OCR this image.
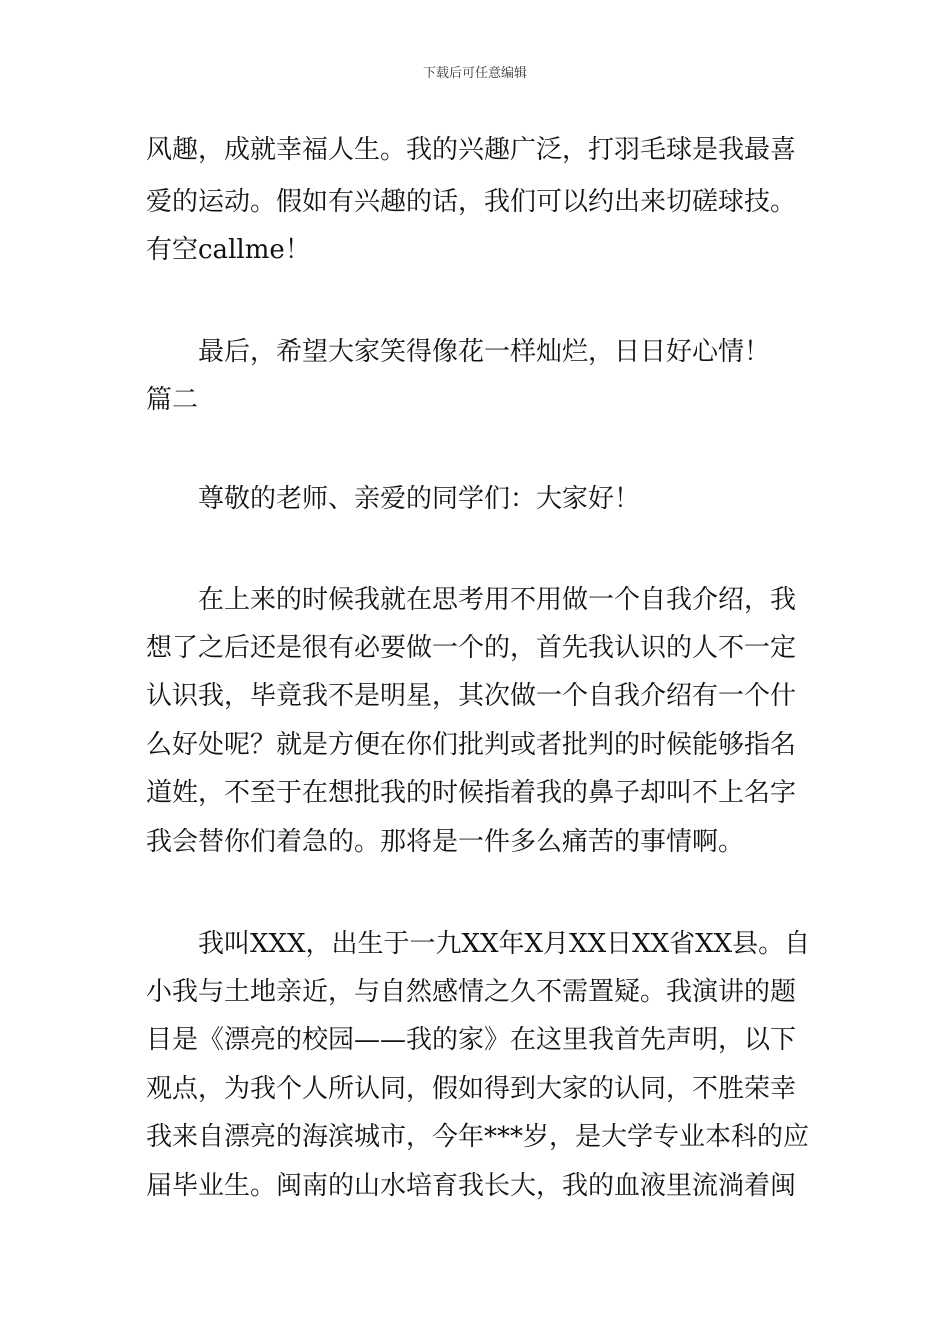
下载后可任意编辑
风趣，成就幸福人生。我的兴趣广泛，打羽毛球是我最喜
爱的运动。假如有兴趣的话，我们可以约出来切磋球技。
有空callme！
最后，希望大家笑得像花一样灿烂，日日好心情！
篇二
尊敬的老师、亲爱的同学们：大家好！
在上来的时候我就在思考用不用做一个自我介绍，我
想了之后还是很有必要做一个的，首先我认识的人不一定
认识我，毕竟我不是明星，其次做一个自我介绍有一个什
么好处呢？就是方便在你们批判或者批判的时候能够指名
道姓，不至于在想批我的时候指着我的鼻子却叫不上名字
我会替你们着急的。那将是一件多么痛苦的事情啊。
我叫XXX，出生于一九XX年X月XX日XX省XX县。自
小我与土地亲近，与自然感情之久不需置疑。我演讲的题
目是《漂亮的校园——我的家》在这里我首先声明，以下
观点，为我个人所认同，假如得到大家的认同，不胜荣幸
我来自漂亮的海滨城市，今年***岁，是大学专业本科的应
届毕业生。闽南的山水培育我长大，我的血液里流淌着闽
